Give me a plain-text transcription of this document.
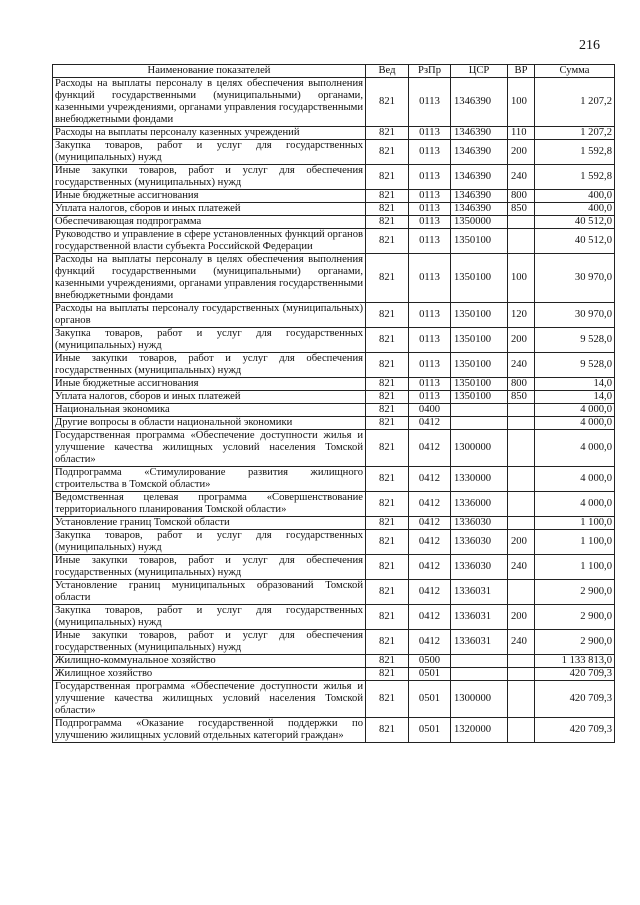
216
Наименование показателей	Вед	РзПр	ЦСР	ВР	Сумма
Расходы на выплаты персоналу в целях обеспечения выполнения функций государственными (муниципальными) органами, казенными учреждениями, органами управления государственными внебюджетными фондами	821	0113	1346390	100	1 207,2
Расходы на выплаты персоналу казенных учреждений	821	0113	1346390	110	1 207,2
Закупка товаров, работ и услуг для государственных (муниципальных) нужд	821	0113	1346390	200	1 592,8
Иные закупки товаров, работ и услуг для обеспечения государственных (муниципальных) нужд	821	0113	1346390	240	1 592,8
Иные бюджетные ассигнования	821	0113	1346390	800	400,0
Уплата налогов, сборов и иных платежей	821	0113	1346390	850	400,0
Обеспечивающая подпрограмма	821	0113	1350000		40 512,0
Руководство и управление в сфере установленных функций органов государственной власти субъекта Российской Федерации	821	0113	1350100		40 512,0
Расходы на выплаты персоналу в целях обеспечения выполнения функций государственными (муниципальными) органами, казенными учреждениями, органами управления государственными внебюджетными фондами	821	0113	1350100	100	30 970,0
Расходы на выплаты персоналу государственных (муниципальных) органов	821	0113	1350100	120	30 970,0
Закупка товаров, работ и услуг для государственных (муниципальных) нужд	821	0113	1350100	200	9 528,0
Иные закупки товаров, работ и услуг для обеспечения государственных (муниципальных) нужд	821	0113	1350100	240	9 528,0
Иные бюджетные ассигнования	821	0113	1350100	800	14,0
Уплата налогов, сборов и иных платежей	821	0113	1350100	850	14,0
Национальная экономика	821	0400			4 000,0
Другие вопросы в области национальной экономики	821	0412			4 000,0
Государственная программа «Обеспечение доступности жилья и улучшение качества жилищных условий населения Томской области»	821	0412	1300000		4 000,0
Подпрограмма «Стимулирование развития жилищного строительства в Томской области»	821	0412	1330000		4 000,0
Ведомственная целевая программа «Совершенствование территориального планирования Томской области»	821	0412	1336000		4 000,0
Установление границ Томской области	821	0412	1336030		1 100,0
Закупка товаров, работ и услуг для государственных (муниципальных) нужд	821	0412	1336030	200	1 100,0
Иные закупки товаров, работ и услуг для обеспечения государственных (муниципальных) нужд	821	0412	1336030	240	1 100,0
Установление границ муниципальных образований Томской области	821	0412	1336031		2 900,0
Закупка товаров, работ и услуг для государственных (муниципальных) нужд	821	0412	1336031	200	2 900,0
Иные закупки товаров, работ и услуг для обеспечения государственных (муниципальных) нужд	821	0412	1336031	240	2 900,0
Жилищно-коммунальное хозяйство	821	0500			1 133 813,0
Жилищное хозяйство	821	0501			420 709,3
Государственная программа «Обеспечение доступности жилья и улучшение качества жилищных условий населения Томской области»	821	0501	1300000		420 709,3
Подпрограмма «Оказание государственной поддержки по улучшению жилищных условий отдельных категорий граждан»	821	0501	1320000		420 709,3
